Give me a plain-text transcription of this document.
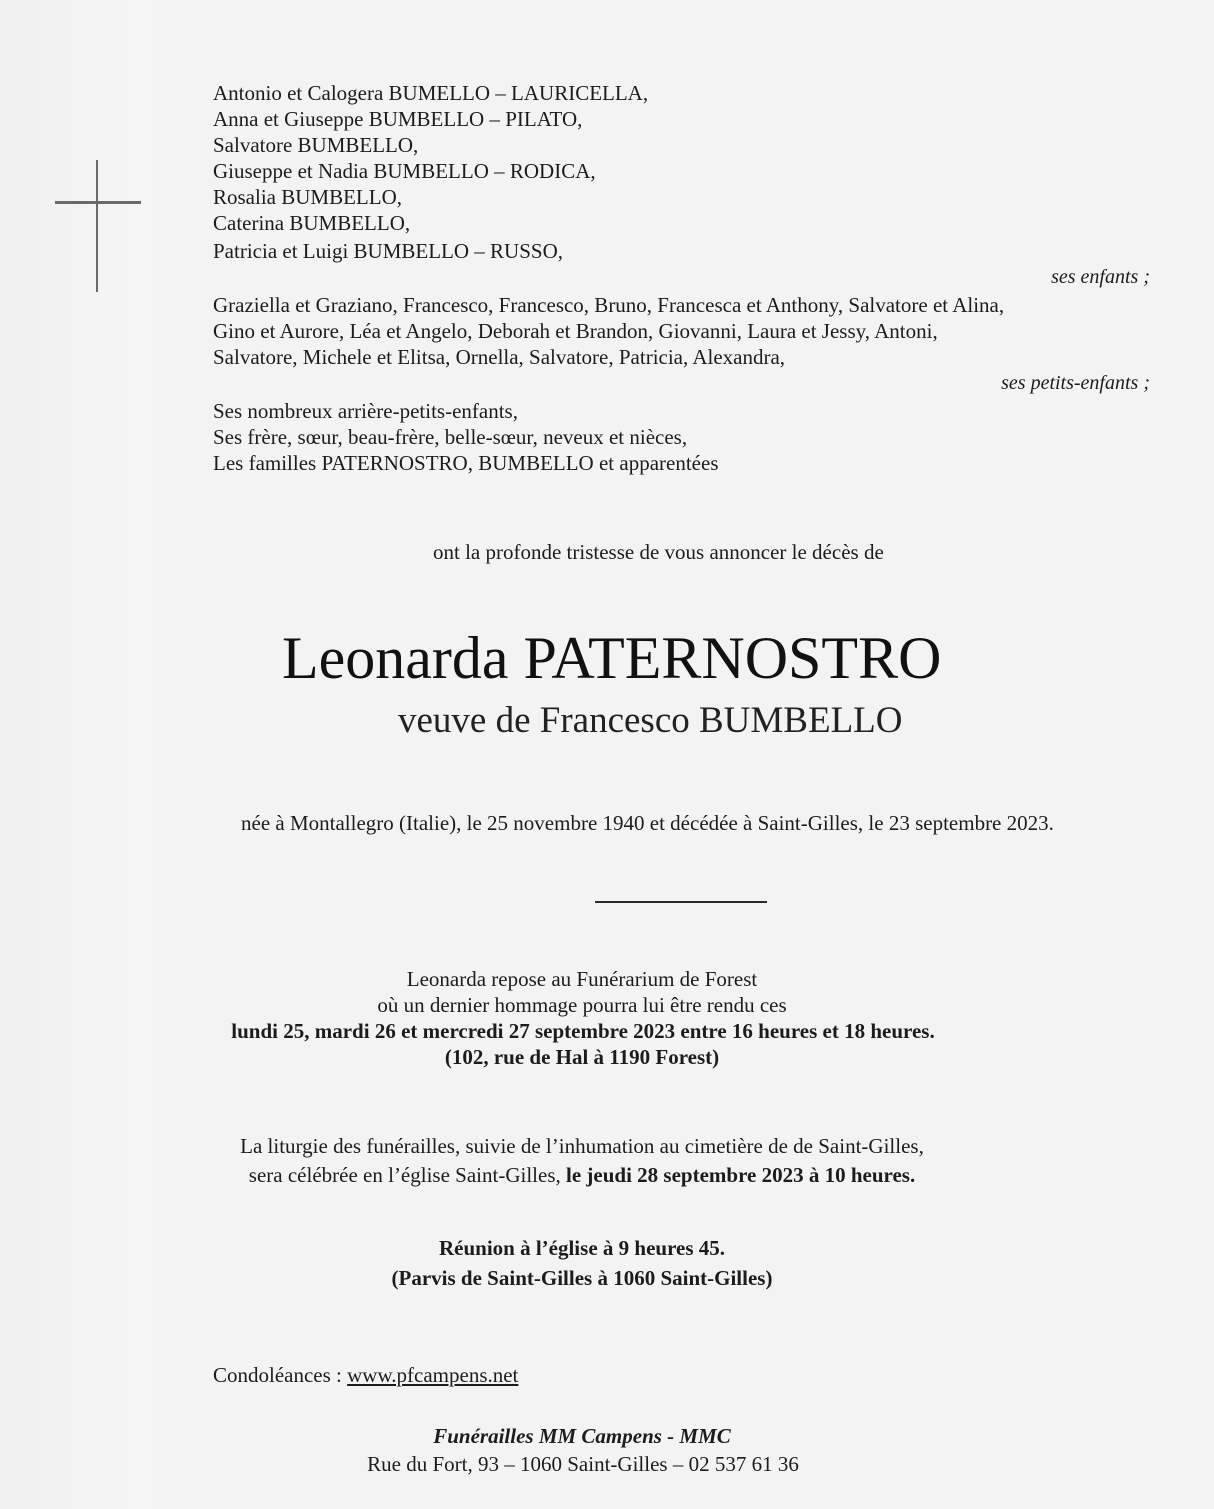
Antonio et Calogera BUMELLO – LAURICELLA,
Anna et Giuseppe BUMBELLO – PILATO,
Salvatore BUMBELLO,
Giuseppe et Nadia BUMBELLO – RODICA,
Rosalia BUMBELLO,
Caterina BUMBELLO,
Patricia et Luigi BUMBELLO – RUSSO,
ses enfants ;
Graziella et Graziano, Francesco, Francesco, Bruno, Francesca et Anthony, Salvatore et Alina,
Gino et Aurore, Léa et Angelo, Deborah et Brandon, Giovanni, Laura et Jessy, Antoni,
Salvatore, Michele et Elitsa, Ornella, Salvatore, Patricia, Alexandra,
ses petits-enfants ;
Ses nombreux arrière-petits-enfants,
Ses frère, sœur, beau-frère, belle-sœur, neveux et nièces,
Les familles PATERNOSTRO, BUMBELLO et apparentées
ont la profonde tristesse de vous annoncer le décès de
Leonarda PATERNOSTRO
veuve de Francesco BUMBELLO
née à Montallegro (Italie), le 25 novembre 1940 et décédée à Saint-Gilles, le 23 septembre 2023.
Leonarda repose au Funérarium de Forest
où un dernier hommage pourra lui être rendu ces
lundi 25, mardi 26 et mercredi 27 septembre 2023 entre 16 heures et 18 heures.
(102, rue de Hal à 1190 Forest)
La liturgie des funérailles, suivie de l’inhumation au cimetière de de Saint-Gilles,
sera célébrée en l’église Saint-Gilles, le jeudi 28 septembre 2023 à 10 heures.
Réunion à l’église à 9 heures 45.
(Parvis de Saint-Gilles à 1060 Saint-Gilles)
Condoléances : www.pfcampens.net
Funérailles MM Campens - MMC
Rue du Fort, 93 – 1060 Saint-Gilles – 02 537 61 36
